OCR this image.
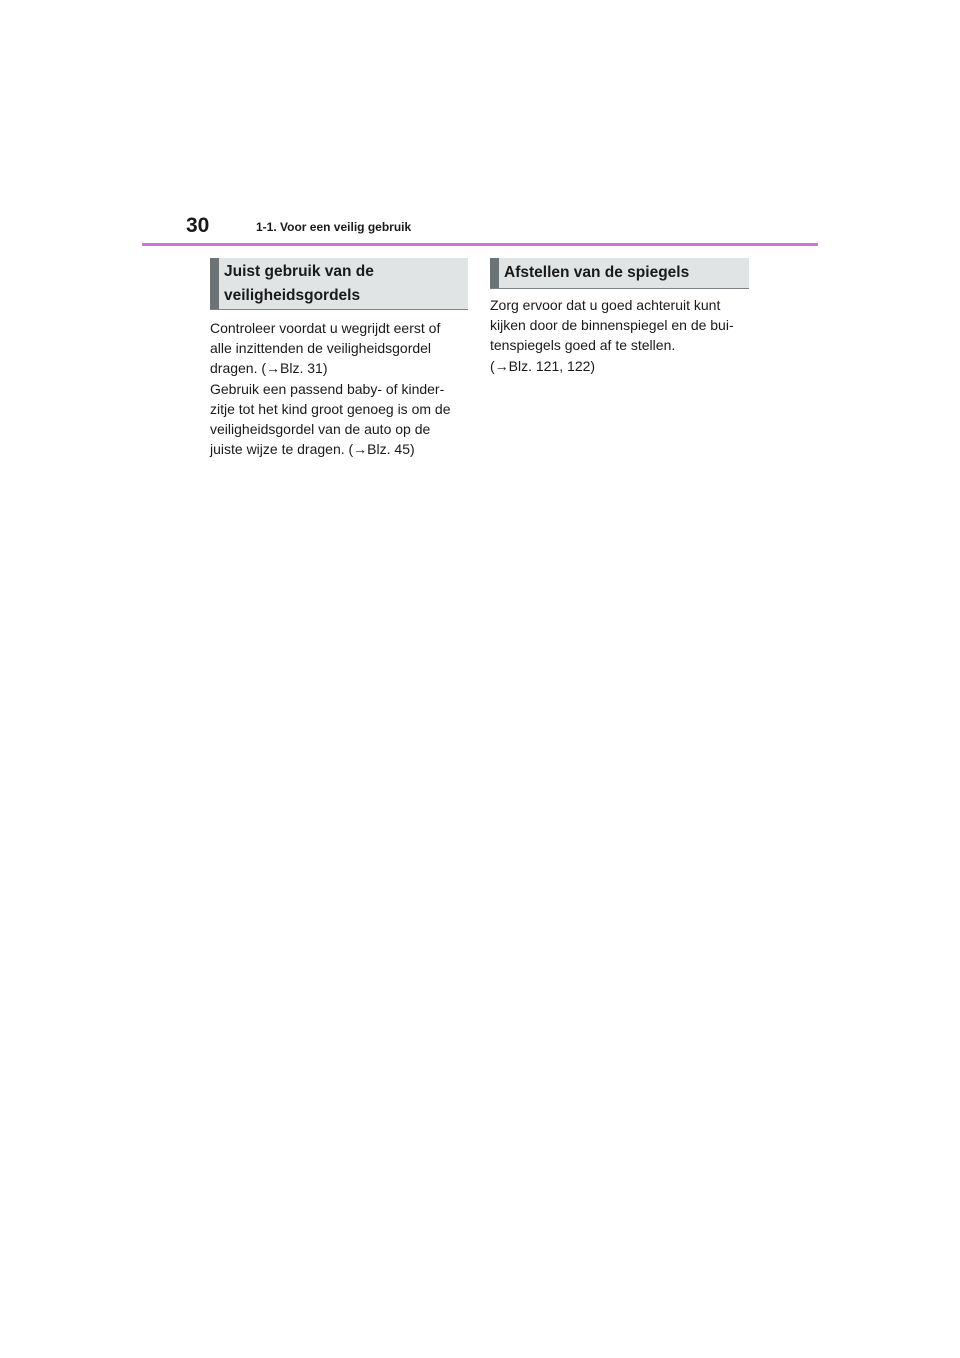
30	1-1. Voor een veilig gebruik
Juist gebruik van de
veiligheidsgordels
Controleer voordat u wegrijdt eerst of
alle inzittenden de veiligheidsgordel
dragen. (→Blz. 31)
Gebruik een passend baby- of kinder-
zitje tot het kind groot genoeg is om de
veiligheidsgordel van de auto op de
juiste wijze te dragen. (→Blz. 45)
Afstellen van de spiegels
Zorg ervoor dat u goed achteruit kunt
kijken door de binnenspiegel en de bui-
tenspiegels goed af te stellen.
(→Blz. 121, 122)
